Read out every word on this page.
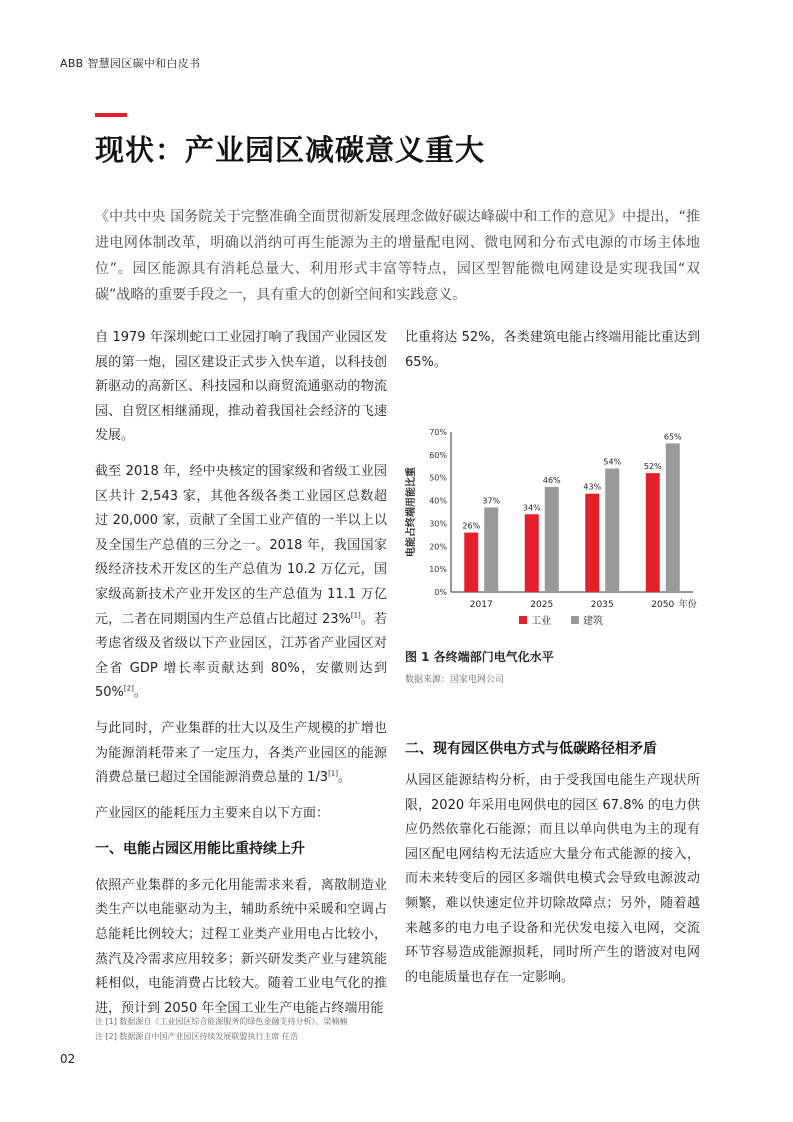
ABB 智慧园区碳中和白皮书
现状：产业园区减碳意义重大

《中共中央 国务院关于完整准确全面贯彻新发展理念做好碳达峰碳中和工作的意见》中提出，“推进电网体制改革，明确以消纳可再生能源为主的增量配电网、微电网和分布式电源的市场主体地位”。园区能源具有消耗总量大、利用形式丰富等特点，园区型智能微电网建设是实现我国“双碳”战略的重要手段之一，具有重大的创新空间和实践意义。

自 1979 年深圳蛇口工业园打响了我国产业园区发展的第一炮，园区建设正式步入快车道，以科技创新驱动的高新区、科技园和以商贸流通驱动的物流园、自贸区相继涌现，推动着我国社会经济的飞速发展。

截至 2018 年，经中央核定的国家级和省级工业园区共计 2,543 家，其他各级各类工业园区总数超过 20,000 家，贡献了全国工业产值的一半以上以及全国生产总值的三分之一。2018 年，我国国家级经济技术开发区的生产总值为 10.2 万亿元，国家级高新技术产业开发区的生产总值为 11.1 万亿元，二者在同期国内生产总值占比超过 23%[1]。若考虑省级及省级以下产业园区，江苏省产业园区对全省 GDP 增长率贡献达到 80%，安徽则达到 50%[2]。

与此同时，产业集群的壮大以及生产规模的扩增也为能源消耗带来了一定压力，各类产业园区的能源消费总量已超过全国能源消费总量的 1/3[1]。

产业园区的能耗压力主要来自以下方面：

一、电能占园区用能比重持续上升

依照产业集群的多元化用能需求来看，离散制造业类生产以电能驱动为主，辅助系统中采暖和空调占总能耗比例较大；过程工业类产业用电占比较小，蒸汽及冷需求应用较多；新兴研发类产业与建筑能耗相似，电能消费占比较大。随着工业电气化的推进，预计到 2050 年全国工业生产电能占终端用能

比重将达 52%，各类建筑电能占终端用能比重达到 65%。

电能占终端用能比重
0%
10%
20%
30%
40%
50%
60%
70%
26%
37%
2017
34%
46%
2025
43%
54%
2035
52%
65%
2050 年份
工业	建筑
图 1 各终端部门电气化水平
数据来源：国家电网公司
二、现有园区供电方式与低碳路径相矛盾

从园区能源结构分析，由于受我国电能生产现状所限，2020 年采用电网供电的园区 67.8% 的电力供应仍然依靠化石能源；而且以单向供电为主的现有园区配电网结构无法适应大量分布式能源的接入，而未来转变后的园区多端供电模式会导致电源波动频繁，难以快速定位并切除故障点；另外，随着越来越多的电力电子设备和光伏发电接入电网，交流环节容易造成能源损耗，同时所产生的谐波对电网的电能质量也存在一定影响。

注 [1] 数据源自《工业园区综合能源服务的绿色金融支持分析》，梁楠楠
注 [2] 数据源自中国产业园区持续发展联盟执行主席 任浩
02
